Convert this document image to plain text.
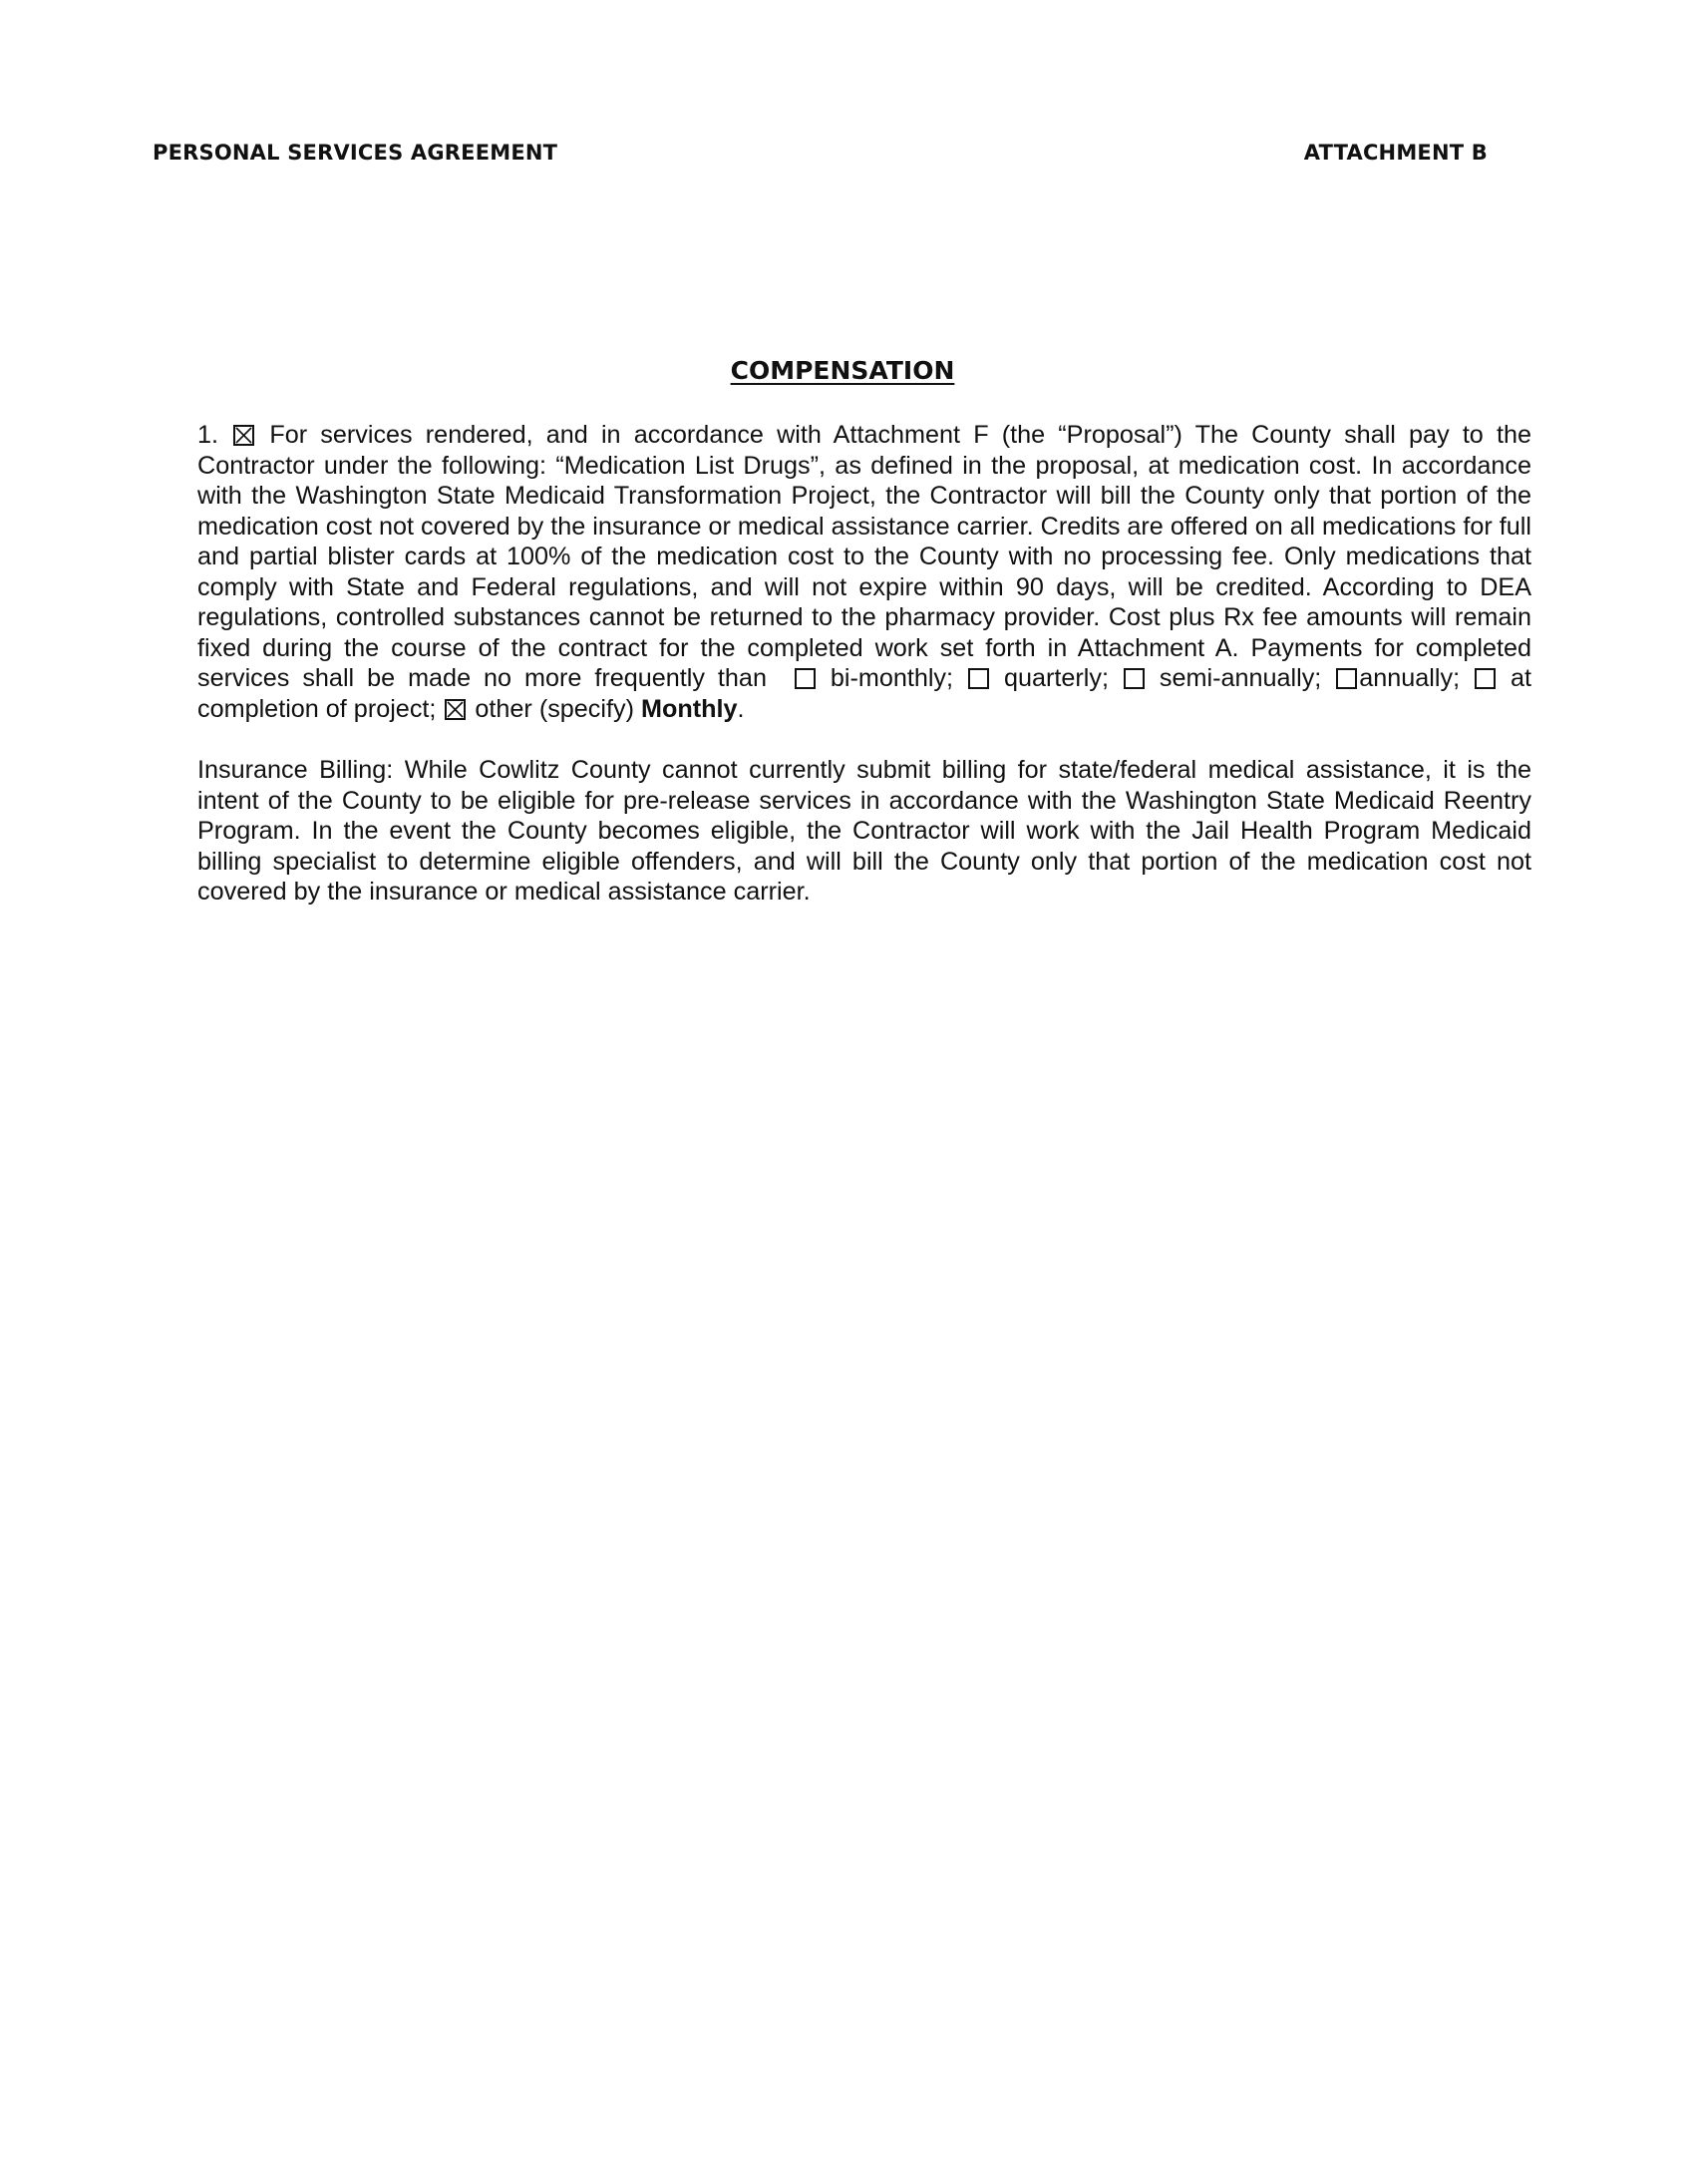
PERSONAL SERVICES AGREEMENT	ATTACHMENT B
COMPENSATION

1. For services rendered, and in accordance with Attachment F (the “Proposal”) The County shall pay to the Contractor under the following: “Medication List Drugs”, as defined in the proposal, at medication cost. In accordance with the Washington State Medicaid Transformation Project, the Contractor will bill the County only that portion of the medication cost not covered by the insurance or medical assistance carrier. Credits are offered on all medications for full and partial blister cards at 100% of the medication cost to the County with no processing fee. Only medications that comply with State and Federal regulations, and will not expire within 90 days, will be credited. According to DEA regulations, controlled substances cannot be returned to the pharmacy provider. Cost plus Rx fee amounts will remain fixed during the course of the contract for the completed work set forth in Attachment A. Payments for completed services shall be made no more frequently than	bi-monthly; quarterly; semi-annually; annually; at completion of project; other (specify) Monthly.

Insurance Billing: While Cowlitz County cannot currently submit billing for state/federal medical assistance, it is the intent of the County to be eligible for pre-release services in accordance with the Washington State Medicaid Reentry Program. In the event the County becomes eligible, the Contractor will work with the Jail Health Program Medicaid billing specialist to determine eligible offenders, and will bill the County only that portion of the medication cost not covered by the insurance or medical assistance carrier.
